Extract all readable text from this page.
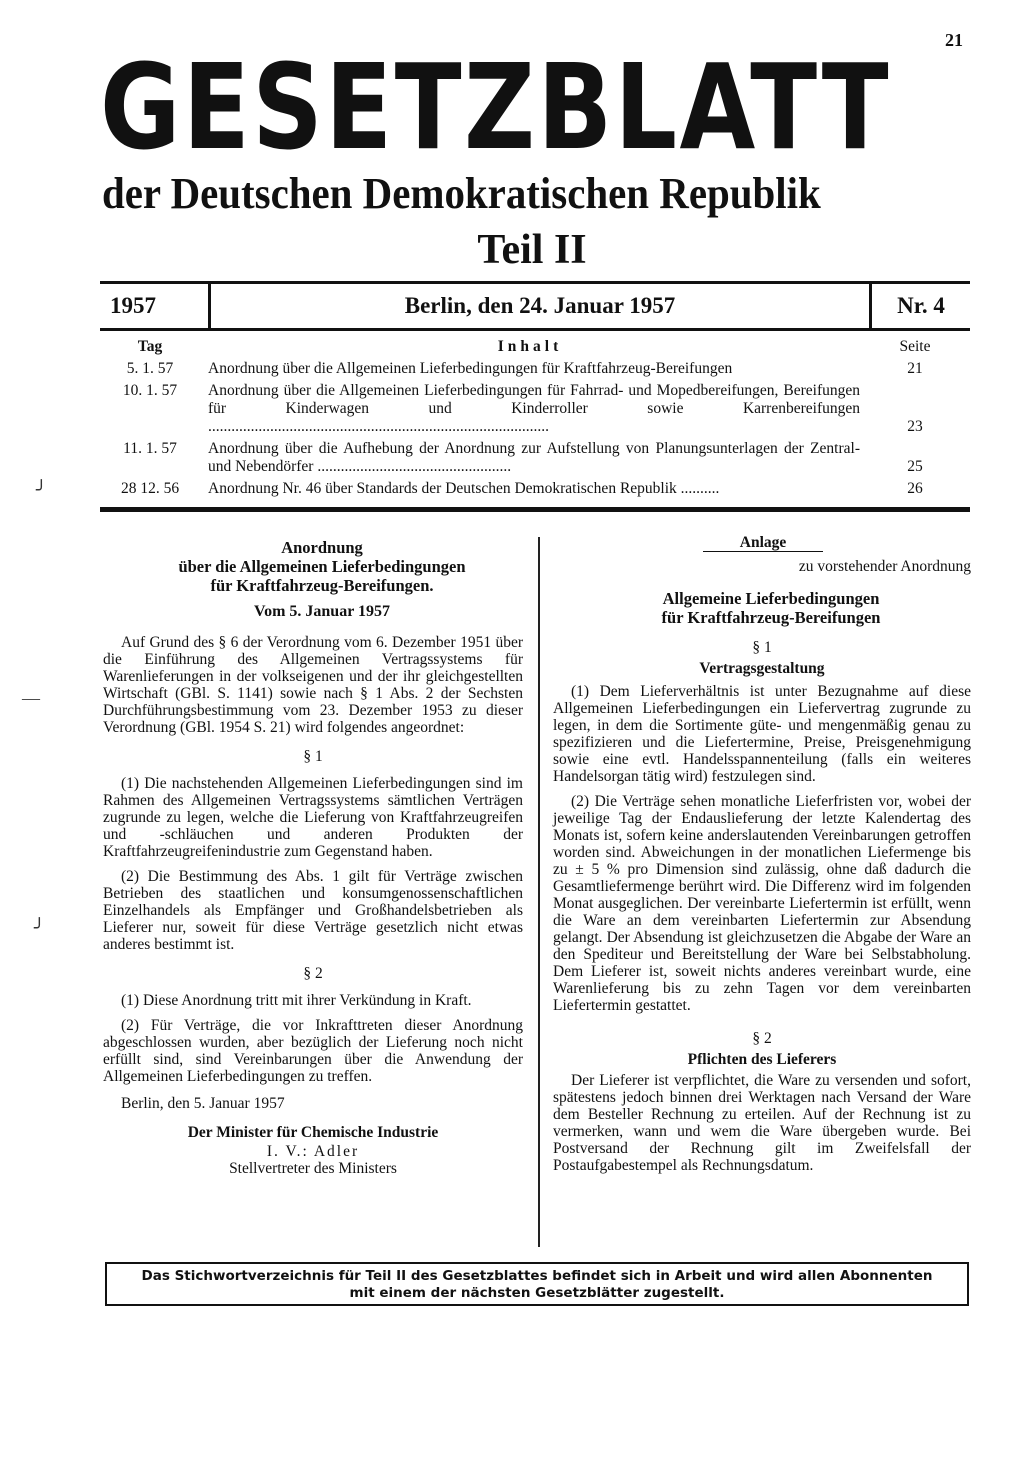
21
GESETZBLATT
der Deutschen Demokratischen Republik
Teil II
1957	Berlin, den 24. Januar 1957	Nr. 4
Tag	Inhalt	Seite
5. 1. 57	Anordnung über die Allgemeinen Lieferbedingungen für Kraftfahrzeug-Bereifungen	21
10. 1. 57	Anordnung über die Allgemeinen Lieferbedingungen für Fahrrad- und Mopedbereifungen, Bereifungen für Kinderwagen und Kinderroller sowie Karrenbereifungen ........................................................................................	23
11. 1. 57	Anordnung über die Aufhebung der Anordnung zur Aufstellung von Planungsunterlagen der Zentral- und Nebendörfer ..................................................	25
28 12. 56	Anordnung Nr. 46 über Standards der Deutschen Demokratischen Republik ..........	26

Anordnung

über die Allgemeinen Lieferbedingungen

für Kraftfahrzeug-Bereifungen.

Vom 5. Januar 1957

Auf Grund des § 6 der Verordnung vom 6. Dezember 1951 über die Einführung des Allgemeinen Vertragssystems für Warenlieferungen in der volkseigenen und der ihr gleichgestellten Wirtschaft (GBl. S. 1141) sowie nach § 1 Abs. 2 der Sechsten Durchführungsbestimmung vom 23. Dezember 1953 zu dieser Verordnung (GBl. 1954 S. 21) wird folgendes angeordnet:

§ 1

(1) Die nachstehenden Allgemeinen Lieferbedingungen sind im Rahmen des Allgemeinen Vertragssystems sämtlichen Verträgen zugrunde zu legen, welche die Lieferung von Kraftfahrzeugreifen und -schläuchen und anderen Produkten der Kraftfahrzeugreifenindustrie zum Gegenstand haben.

(2) Die Bestimmung des Abs. 1 gilt für Verträge zwischen Betrieben des staatlichen und konsumgenossenschaftlichen Einzelhandels als Empfänger und Großhandelsbetrieben als Lieferer nur, soweit für diese Verträge gesetzlich nicht etwas anderes bestimmt ist.

§ 2

(1) Diese Anordnung tritt mit ihrer Verkündung in Kraft.

(2) Für Verträge, die vor Inkrafttreten dieser Anordnung abgeschlossen wurden, aber bezüglich der Lieferung noch nicht erfüllt sind, sind Vereinbarungen über die Anwendung der Allgemeinen Lieferbedingungen zu treffen.

Berlin, den 5. Januar 1957

Der Minister für Chemische Industrie

I. V.: Adler

Stellvertreter des Ministers

Anlage

zu vorstehender Anordnung

Allgemeine Lieferbedingungen

für Kraftfahrzeug-Bereifungen

§ 1

Vertragsgestaltung

(1) Dem Lieferverhältnis ist unter Bezugnahme auf diese Allgemeinen Lieferbedingungen ein Liefervertrag zugrunde zu legen, in dem die Sortimente güte- und mengenmäßig genau zu spezifizieren und die Liefertermine, Preise, Preisgenehmigung sowie eine evtl. Handelsspannenteilung (falls ein weiteres Handelsorgan tätig wird) festzulegen sind.

(2) Die Verträge sehen monatliche Lieferfristen vor, wobei der jeweilige Tag der Endauslieferung der letzte Kalendertag des Monats ist, sofern keine anderslautenden Vereinbarungen getroffen worden sind. Abweichungen in der monatlichen Liefermenge bis zu ± 5 % pro Dimension sind zulässig, ohne daß dadurch die Gesamtliefermenge berührt wird. Die Differenz wird im folgenden Monat ausgeglichen. Der vereinbarte Liefertermin ist erfüllt, wenn die Ware an dem vereinbarten Liefertermin zur Absendung gelangt. Der Absendung ist gleichzusetzen die Abgabe der Ware an den Spediteur und Bereitstellung der Ware bei Selbstabholung. Dem Lieferer ist, soweit nichts anderes vereinbart wurde, eine Warenlieferung bis zu zehn Tagen vor dem vereinbarten Liefertermin gestattet.

§ 2

Pflichten des Lieferers

Der Lieferer ist verpflichtet, die Ware zu versenden und sofort, spätestens jedoch binnen drei Werktagen nach Versand der Ware dem Besteller Rechnung zu erteilen. Auf der Rechnung ist zu vermerken, wann und wem die Ware übergeben wurde. Bei Postversand der Rechnung gilt im Zweifelsfall der Postaufgabestempel als Rechnungsdatum.

Das Stichwortverzeichnis für Teil II des Gesetzblattes befindet sich in Arbeit und wird allen Abonnenten
mit einem der nächsten Gesetzblätter zugestellt.
╯
—
╯
